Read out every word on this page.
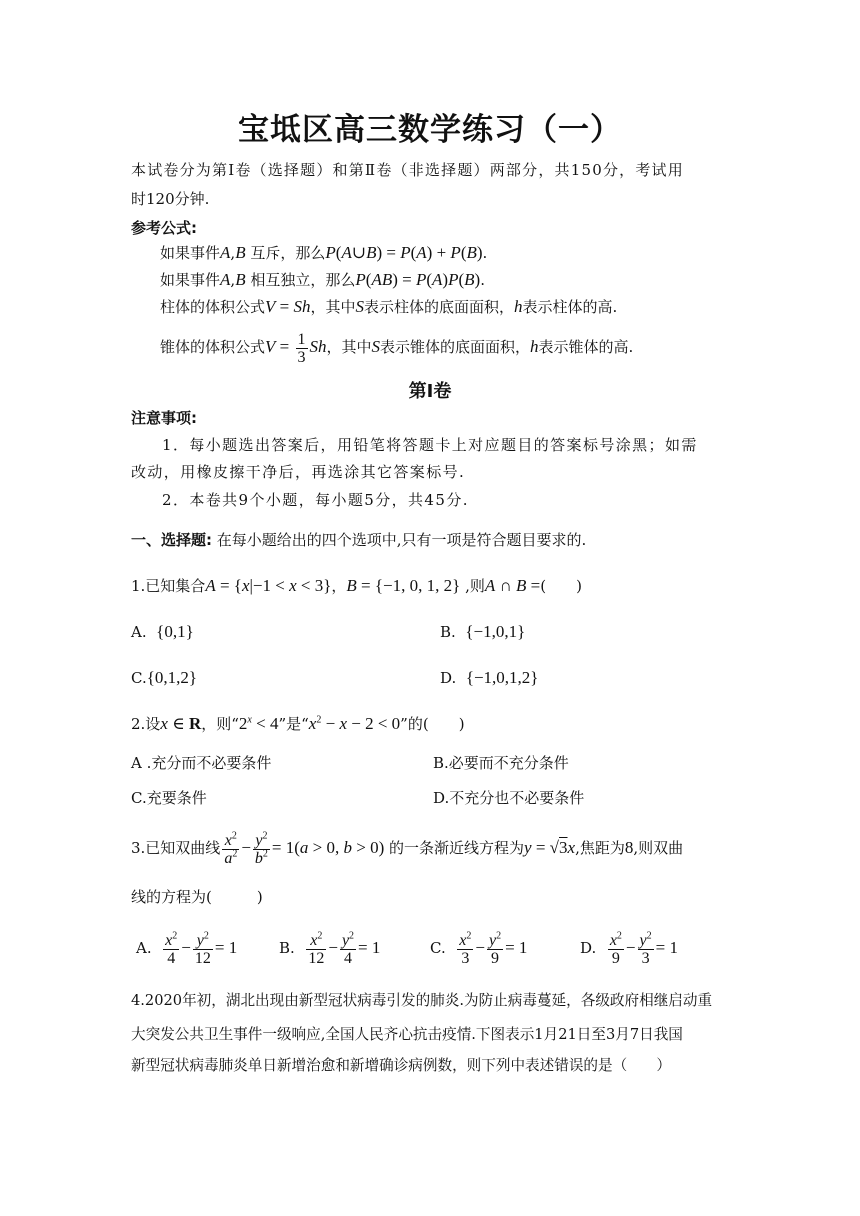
宝坻区高三数学练习（一）
本试卷分为第Ⅰ卷（选择题）和第Ⅱ卷（非选择题）两部分，共150分，考试用
时120分钟.
参考公式:
如果事件A,B 互斥，那么P(A∪B) = P(A) + P(B).
如果事件A,B 相互独立，那么P(AB) = P(A)P(B).
柱体的体积公式V = Sh，其中S表示柱体的底面面积，h表示柱体的高.
锥体的体积公式$V = \frac{1}{3}$ Sh，其中S表示锥体的底面面积，h表示锥体的高.
第Ⅰ卷
注意事项:
1．每小题选出答案后，用铅笔将答题卡上对应题目的答案标号涂黑；如需
改动，用橡皮擦干净后，再选涂其它答案标号.
2．本卷共9个小题，每小题5分，共45分.
一、选择题: 在每小题给出的四个选项中,只有一项是符合题目要求的.
1.已知集合A = {x|−1 < x < 3}，B = {−1, 0, 1, 2} ,则A ∩ B =(　　)
A. {0,1}	B. {−1,0,1}
C.{0,1,2}	D. {−1,0,1,2}
2.设x ∈ R，则“$2^x < 4$”是“$x^2 - x - 2 < 0$”的(　　)
A .充分而不必要条件	B.必要而不充分条件
C.充要条件	D.不充分也不必要条件
3.已知双曲线 $\frac{x^2}{a^2} - \frac{y^2}{b^2} = 1(a > 0$, b > 0) 的一条渐近线方程为y = √3x,焦距为8,则双曲
线的方程为(　　　)
A. $\frac{x^2}{4} - \frac{y^2}{12} = 1$	B. $\frac{x^2}{12} - \frac{y^2}{4} = 1$	C. $\frac{x^2}{3} - \frac{y^2}{9} = 1$	D. $\frac{x^2}{9} - \frac{y^2}{3} = 1$
4.2020年初，湖北出现由新型冠状病毒引发的肺炎.为防止病毒蔓延，各级政府相继启动重
大突发公共卫生事件一级响应,全国人民齐心抗击疫情.下图表示1月21日至3月7日我国
新型冠状病毒肺炎单日新增治愈和新增确诊病例数，则下列中表述错误的是（　　）
